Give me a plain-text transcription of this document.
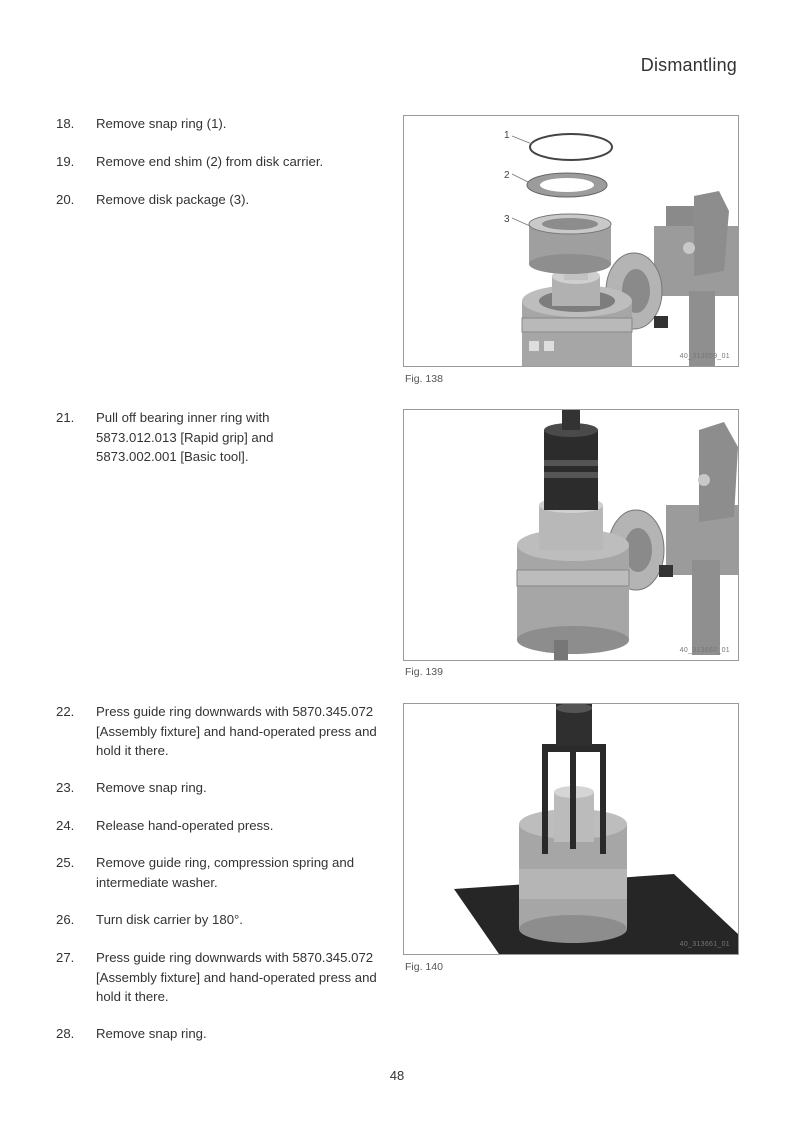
Dismantling
18.	Remove snap ring (1).
19.	Remove end shim (2) from disk carrier.
20.	Remove disk package (3).
21.	Pull off bearing inner ring with 5873.012.013 [Rapid grip] and 5873.002.001 [Basic tool].
22.	Press guide ring downwards with 5870.345.072 [Assembly fixture] and hand-operated press and hold it there.
23.	Remove snap ring.
24.	Release hand-operated press.
25.	Remove guide ring, compression spring and intermediate washer.
26.	Turn disk carrier by 180°.
27.	Press guide ring downwards with 5870.345.072 [Assembly fixture] and hand-operated press and hold it there.
28.	Remove snap ring.
1
2
3
40_313659_01
Fig. 138
40_313660_01
Fig. 139
40_313661_01
Fig. 140
48
